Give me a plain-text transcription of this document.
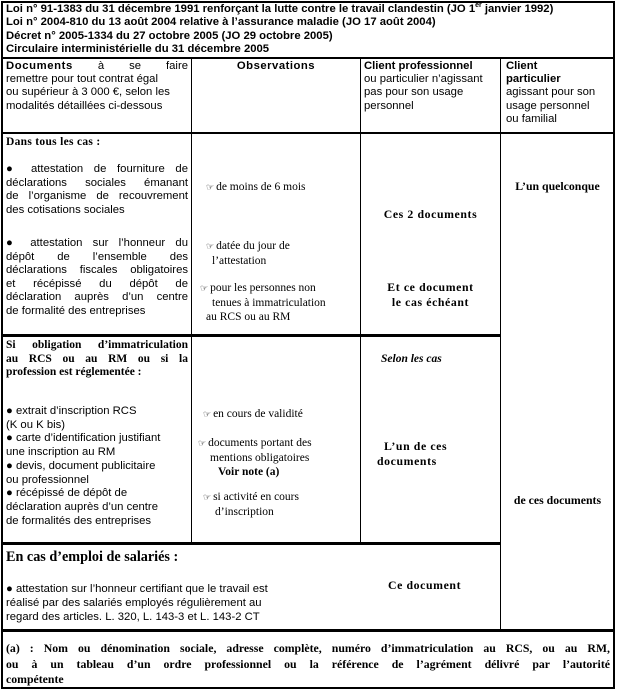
Loi n° 91-1383 du 31 décembre 1991 renforçant la lutte contre le travail clandestin (JO 1er janvier 1992)
Loi n° 2004-810 du 13 août 2004 relative à l’assurance maladie (JO 17 août 2004)
Décret n° 2005-1334 du 27 octobre 2005 (JO 29 octobre 2005)
Circulaire interministérielle du 31 décembre 2005
Documents à se faire
remettre pour tout contrat égal
ou supérieur à 3 000 €, selon les
modalités détaillées ci-dessous
Observations	Client professionnel
ou particulier n’agissant
pas pour son usage
personnel
Client
particulier
agissant pour son
usage personnel
ou familial
Dans tous les cas :
● attestation de fourniture de
déclarations sociales émanant
de l’organisme de recouvrement
des cotisations sociales
● attestation sur l’honneur du
dépôt de l’ensemble des
déclarations fiscales obligatoires
et récépissé du dépôt de
déclaration auprès d’un centre
de formalité des entreprises
☞ de moins de 6 mois
☞ datée du jour de
l’attestation
☞ pour les personnes non
tenues à immatriculation
au RCS ou au RM
Ces 2 documents
Et ce document
le cas échéant
L’un quelconque
Si obligation d’immatriculation
au RCS ou au RM ou si la
profession est réglementée :
● extrait d’inscription RCS
(K ou K bis)
● carte d’identification justifiant
une inscription au RM
● devis, document publicitaire
ou professionnel
● récépissé de dépôt de
déclaration auprès d’un centre
de formalités des entreprises
☞ en cours de validité
☞ documents portant des
mentions obligatoires
Voir note (a)
☞ si activité en cours
d’inscription
Selon les cas
L’un de ces
documents
de ces documents
En cas d’emploi de salariés :
● attestation sur l’honneur certifiant que le travail est
réalisé par des salariés employés régulièrement au
regard des articles. L. 320, L. 143-3 et L. 143-2 CT
Ce document
(a) : Nom ou dénomination sociale, adresse complète, numéro d’immatriculation au RCS, ou au RM,
ou à un tableau d’un ordre professionnel ou la référence de l’agrément délivré par l’autorité
compétente
